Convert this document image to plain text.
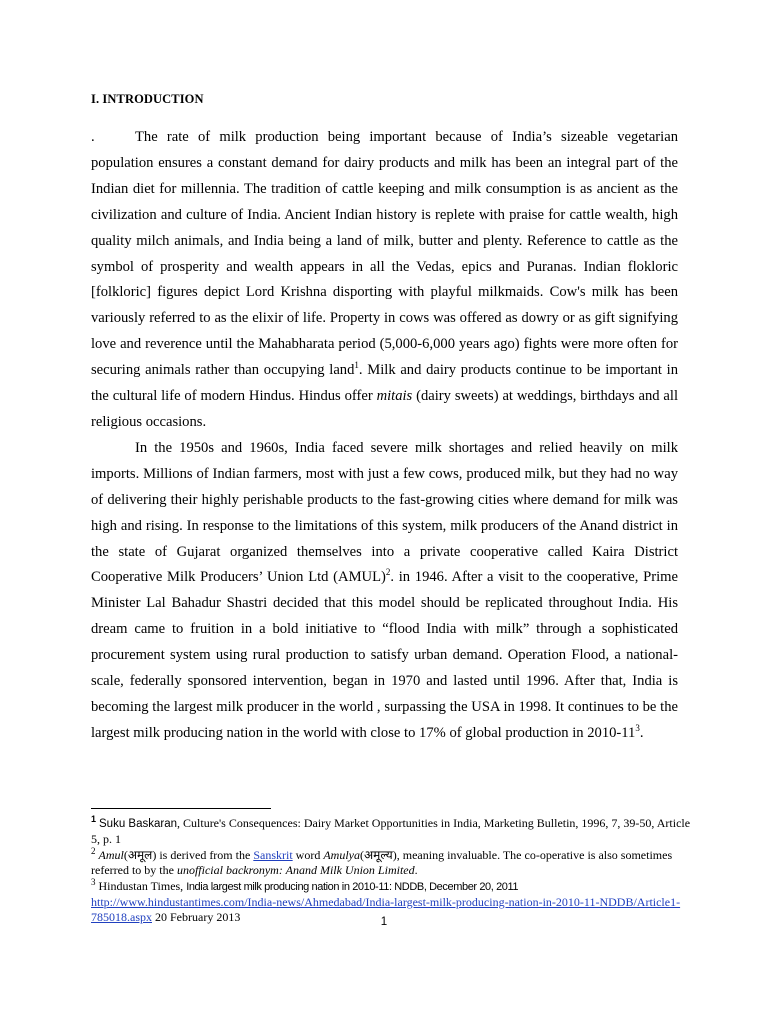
I. INTRODUCTION

.	The rate of milk production being important because of India’s sizeable vegetarian population ensures a constant demand for dairy products and milk has been an integral part of the Indian diet for millennia. The tradition of cattle keeping and milk consumption is as ancient as the civilization and culture of India. Ancient Indian history is replete with praise for cattle wealth, high quality milch animals, and India being a land of milk, butter and plenty. Reference to cattle as the symbol of prosperity and wealth appears in all the Vedas, epics and Puranas. Indian flokloric [folkloric] figures depict Lord Krishna disporting with playful milkmaids. Cow's milk has been variously referred to as the elixir of life. Property in cows was offered as dowry or as gift signifying love and reverence until the Mahabharata period (5,000-6,000 years ago) fights were more often for securing animals rather than occupying land$^1$. Milk and dairy products continue to be important in the cultural life of modern Hindus. Hindus offer mitais (dairy sweets) at weddings, birthdays and all religious occasions.

In the 1950s and 1960s, India faced severe milk shortages and relied heavily on milk imports. Millions of Indian farmers, most with just a few cows, produced milk, but they had no way of delivering their highly perishable products to the fast-growing cities where demand for milk was high and rising. In response to the limitations of this system, milk producers of the Anand district in the state of Gujarat organized themselves into a private cooperative called Kaira District Cooperative Milk Producers’ Union Ltd (AMUL)$^2$. in 1946. After a visit to the cooperative, Prime Minister Lal Bahadur Shastri decided that this model should be replicated throughout India. His dream came to fruition in a bold initiative to “flood India with milk” through a sophisticated procurement system using rural production to satisfy urban demand. Operation Flood, a national-scale, federally sponsored intervention, began in 1970 and lasted until 1996. After that, India is becoming the largest milk producer in the world , surpassing the USA in 1998. It continues to be the largest milk producing nation in the world with close to 17% of global production in $2010-11^3$.

$^1$ Suku Baskaran, Culture's Consequences: Dairy Market Opportunities in India, Marketing Bulletin, 1996, 7, 39-50, Article 5, p. 1

$^2$ Amul(अमूल) is derived from the Sanskrit word Amulya(अमूल्य), meaning invaluable. The co-operative is also sometimes referred to by the unofficial backronym: Anand Milk Union Limited.

$^3$ Hindustan Times, India largest milk producing nation in 2010-11: NDDB, December 20, 2011
http://www.hindustantimes.com/India-news/Ahmedabad/India-largest-milk-producing-nation-in-2010-11-NDDB/Article1-785018.aspx 20 February 2013	1
